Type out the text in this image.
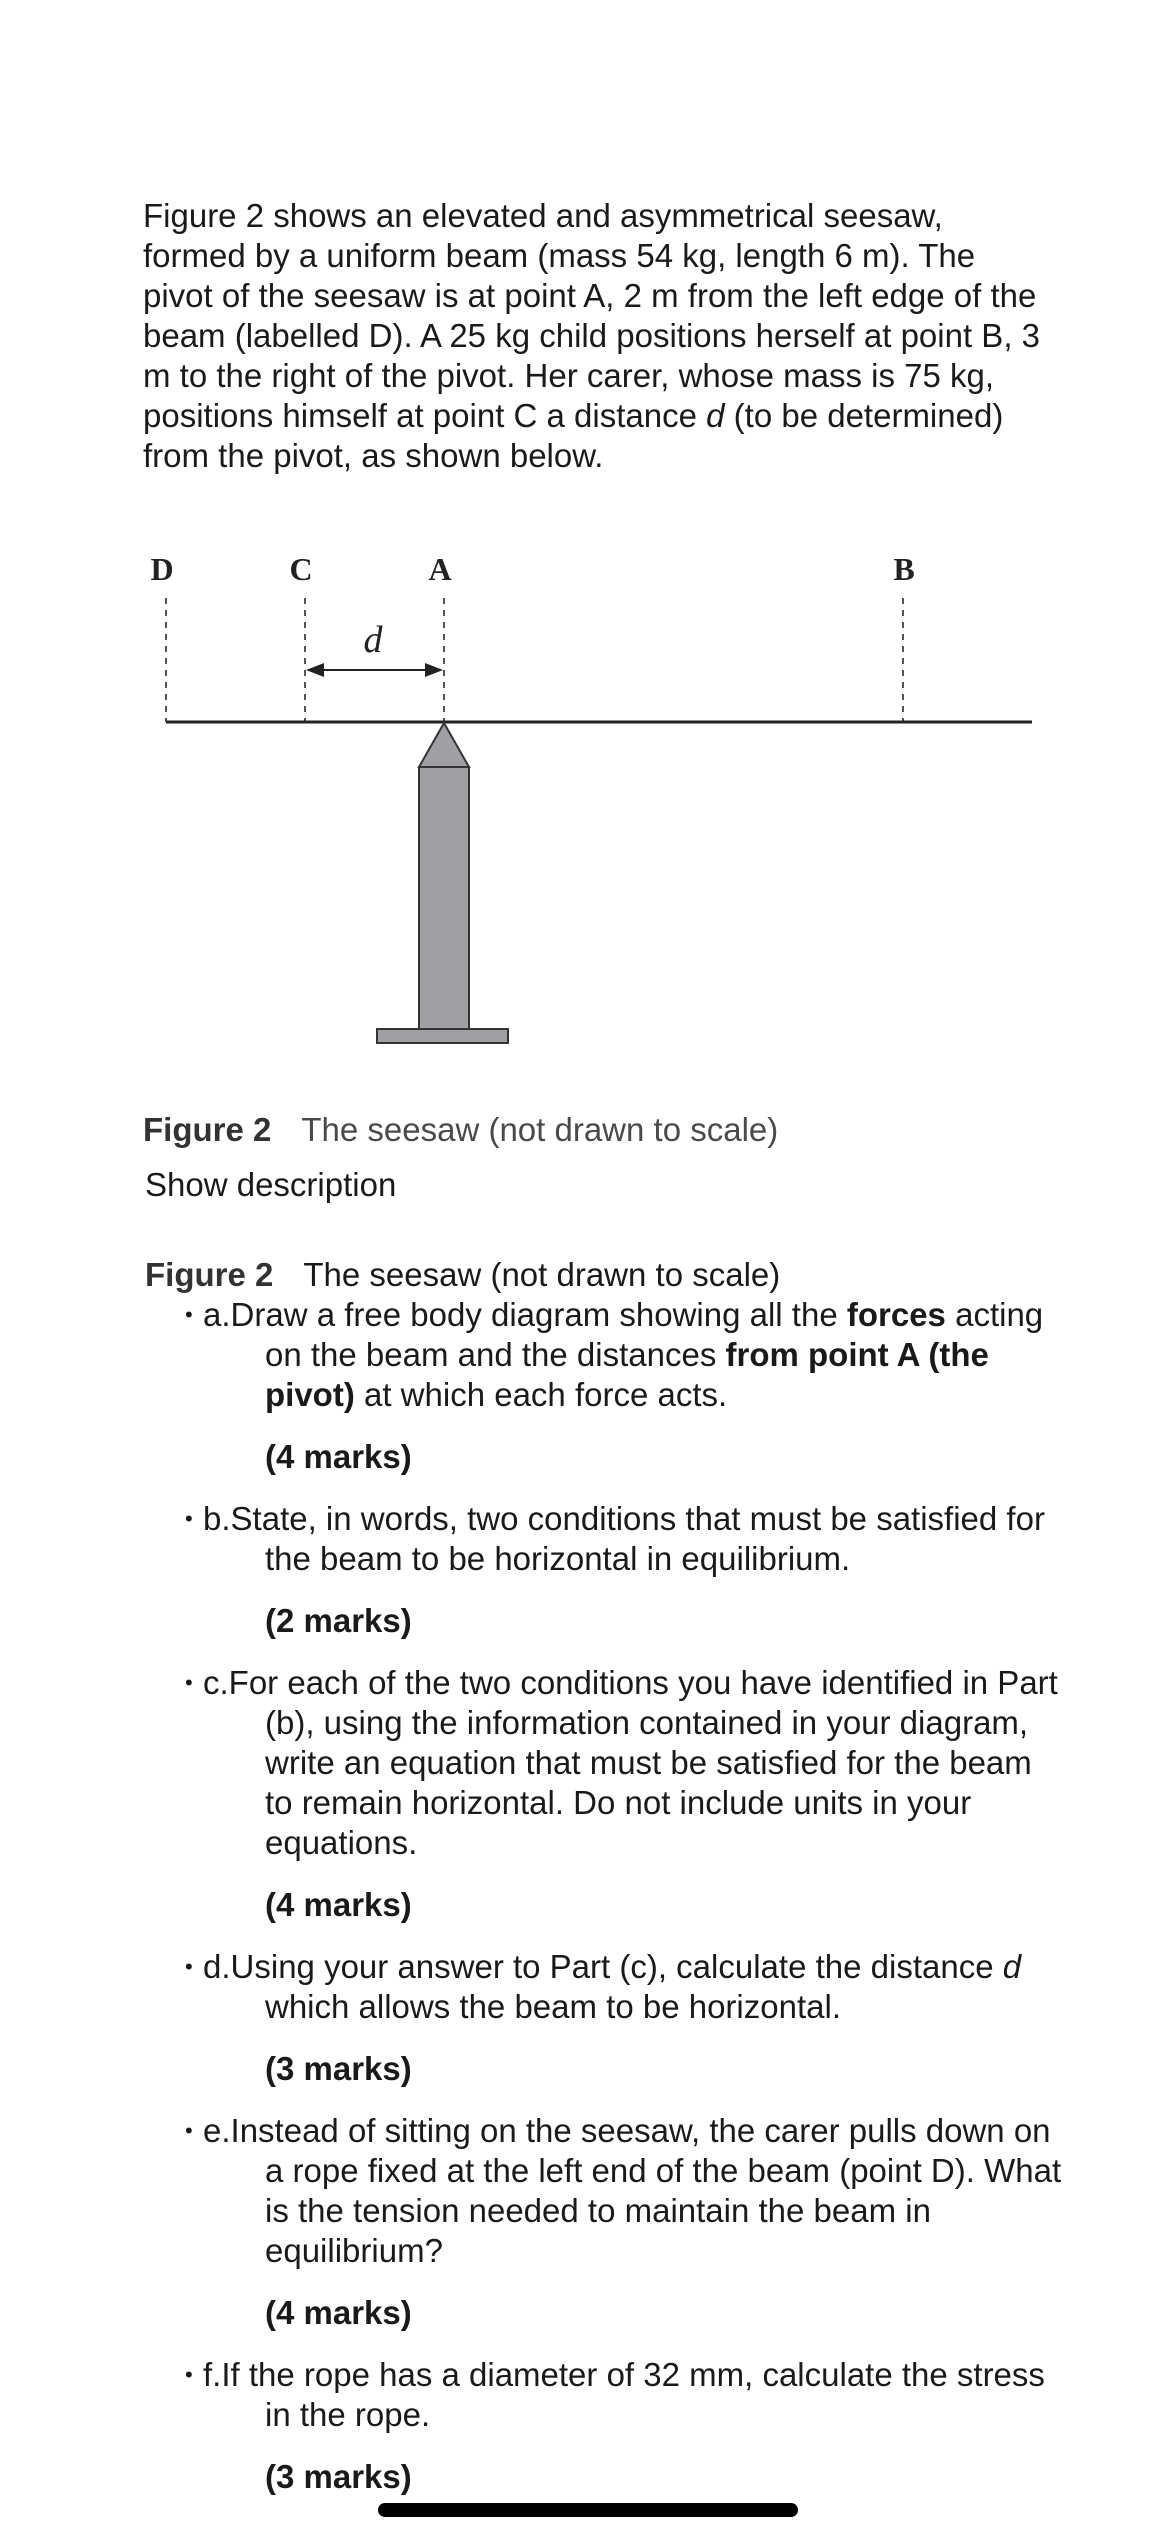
Figure 2 shows an elevated and asymmetrical seesaw, formed by a uniform beam (mass 54 kg, length 6 m). The pivot of the seesaw is at point A, 2 m from the left edge of the beam (labelled D). A 25 kg child positions herself at point B, 3 m to the right of the pivot. Her carer, whose mass is 75 kg, positions himself at point C a distance d (to be determined) from the pivot, as shown below.

D	C	A	B
d
Figure 2 The seesaw (not drawn to scale)
Show description
Figure 2 The seesaw (not drawn to scale)
• a.Draw a free body diagram showing all the forces acting on the beam and the distances from point A (the pivot) at which each force acts.
(4 marks)
• b.State, in words, two conditions that must be satisfied for the beam to be horizontal in equilibrium.
(2 marks)
• c.For each of the two conditions you have identified in Part (b), using the information contained in your diagram, write an equation that must be satisfied for the beam to remain horizontal. Do not include units in your equations.
(4 marks)
• d.Using your answer to Part (c), calculate the distance d which allows the beam to be horizontal.
(3 marks)
• e.Instead of sitting on the seesaw, the carer pulls down on a rope fixed at the left end of the beam (point D). What is the tension needed to maintain the beam in equilibrium?
(4 marks)
• f.If the rope has a diameter of 32 mm, calculate the stress in the rope.
(3 marks)
